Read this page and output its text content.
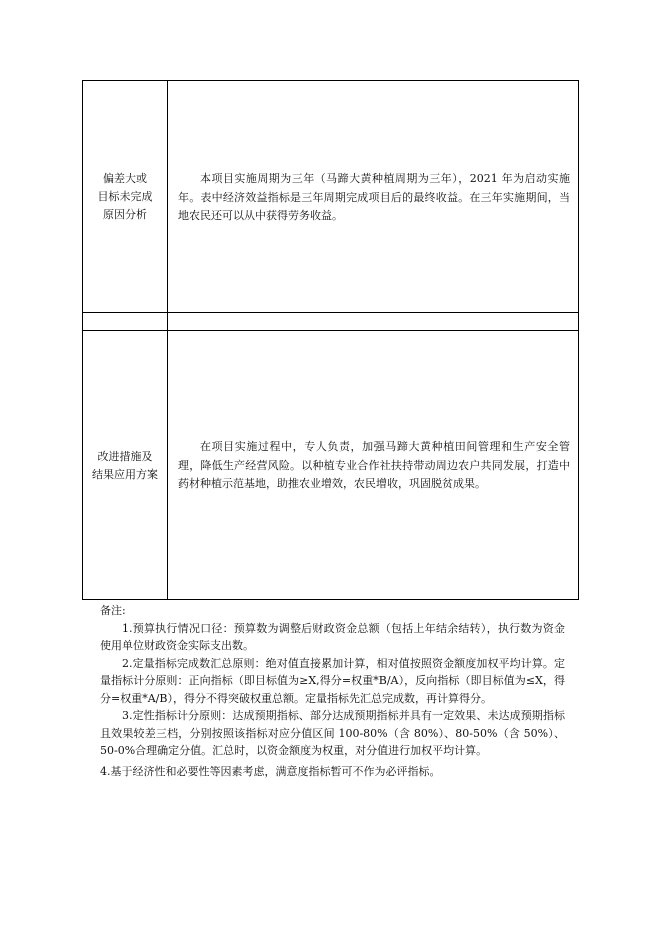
偏差大或
目标未完成
原因分析
本项目实施周期为三年（马蹄大黄种植周期为三年），2021 年为启动实施年。表中经济效益指标是三年周期完成项目后的最终收益。在三年实施期间，当地农民还可以从中获得劳务收益。
改进措施及
结果应用方案
在项目实施过程中，专人负责，加强马蹄大黄种植田间管理和生产安全管理，降低生产经营风险。以种植专业合作社扶持带动周边农户共同发展，打造中药材种植示范基地，助推农业增效，农民增收，巩固脱贫成果。

备注:

1.预算执行情况口径：预算数为调整后财政资金总额（包括上年结余结转），执行数为资金使用单位财政资金实际支出数。

2.定量指标完成数汇总原则：绝对值直接累加计算，相对值按照资金额度加权平均计算。定量指标计分原则：正向指标（即目标值为≥X,得分=权重*B/A），反向指标（即目标值为≤X，得分=权重*A/B），得分不得突破权重总额。定量指标先汇总完成数，再计算得分。

3.定性指标计分原则：达成预期指标、部分达成预期指标并具有一定效果、未达成预期指标且效果较差三档，分别按照该指标对应分值区间 100-80%（含 80%）、80-50%（含 50%）、50-0%合理确定分值。汇总时，以资金额度为权重，对分值进行加权平均计算。

4.基于经济性和必要性等因素考虑，满意度指标暂可不作为必评指标。
